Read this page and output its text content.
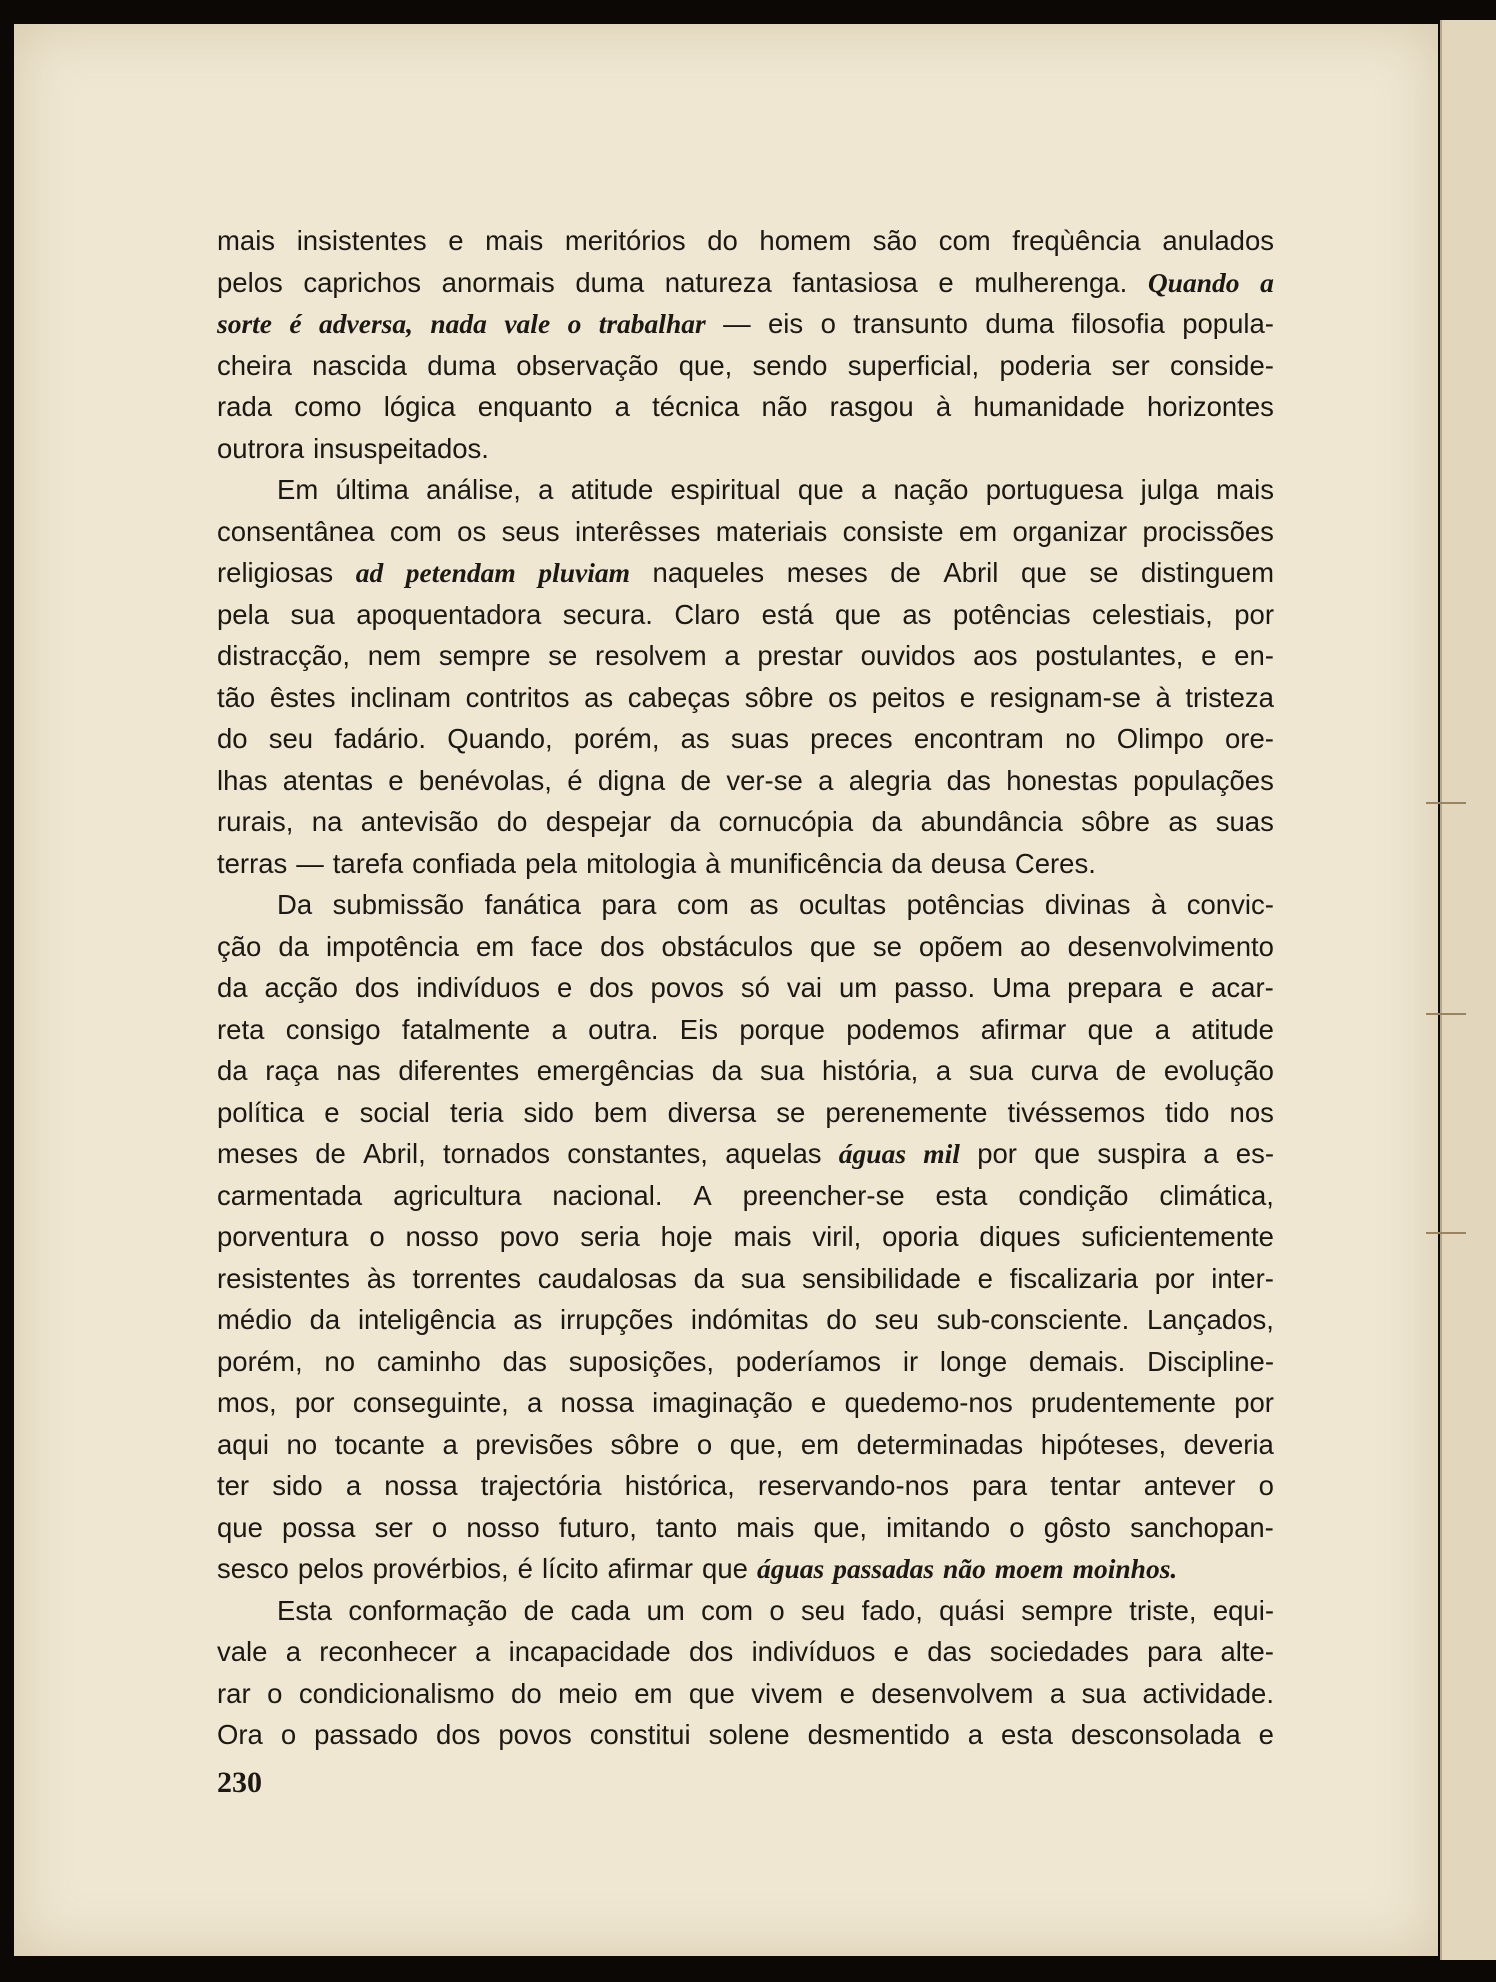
mais insistentes e mais meritórios do homem são com freqùência anulados
pelos caprichos anormais duma natureza fantasiosa e mulherenga. Quando a
sorte é adversa, nada vale o trabalhar — eis o transunto duma filosofia popula-
cheira nascida duma observação que, sendo superficial, poderia ser conside-
rada como lógica enquanto a técnica não rasgou à humanidade horizontes
outrora insuspeitados.
Em última análise, a atitude espiritual que a nação portuguesa julga mais
consentânea com os seus interêsses materiais consiste em organizar procissões
religiosas ad petendam pluviam naqueles meses de Abril que se distinguem
pela sua apoquentadora secura. Claro está que as potências celestiais, por
distracção, nem sempre se resolvem a prestar ouvidos aos postulantes, e en-
tão êstes inclinam contritos as cabeças sôbre os peitos e resignam-se à tristeza
do seu fadário. Quando, porém, as suas preces encontram no Olimpo ore-
lhas atentas e benévolas, é digna de ver-se a alegria das honestas populações
rurais, na antevisão do despejar da cornucópia da abundância sôbre as suas
terras — tarefa confiada pela mitologia à munificência da deusa Ceres.
Da submissão fanática para com as ocultas potências divinas à convic-
ção da impotência em face dos obstáculos que se opõem ao desenvolvimento
da acção dos indivíduos e dos povos só vai um passo. Uma prepara e acar-
reta consigo fatalmente a outra. Eis porque podemos afirmar que a atitude
da raça nas diferentes emergências da sua história, a sua curva de evolução
política e social teria sido bem diversa se perenemente tivéssemos tido nos
meses de Abril, tornados constantes, aquelas águas mil por que suspira a es-
carmentada agricultura nacional. A preencher-se esta condição climática,
porventura o nosso povo seria hoje mais viril, oporia diques suficientemente
resistentes às torrentes caudalosas da sua sensibilidade e fiscalizaria por inter-
médio da inteligência as irrupções indómitas do seu sub-consciente. Lançados,
porém, no caminho das suposições, poderíamos ir longe demais. Discipline-
mos, por conseguinte, a nossa imaginação e quedemo-nos prudentemente por
aqui no tocante a previsões sôbre o que, em determinadas hipóteses, deveria
ter sido a nossa trajectória histórica, reservando-nos para tentar antever o
que possa ser o nosso futuro, tanto mais que, imitando o gôsto sanchopan-
sesco pelos provérbios, é lícito afirmar que águas passadas não moem moinhos.
Esta conformação de cada um com o seu fado, quási sempre triste, equi-
vale a reconhecer a incapacidade dos indivíduos e das sociedades para alte-
rar o condicionalismo do meio em que vivem e desenvolvem a sua actividade.
Ora o passado dos povos constitui solene desmentido a esta desconsolada e
230
